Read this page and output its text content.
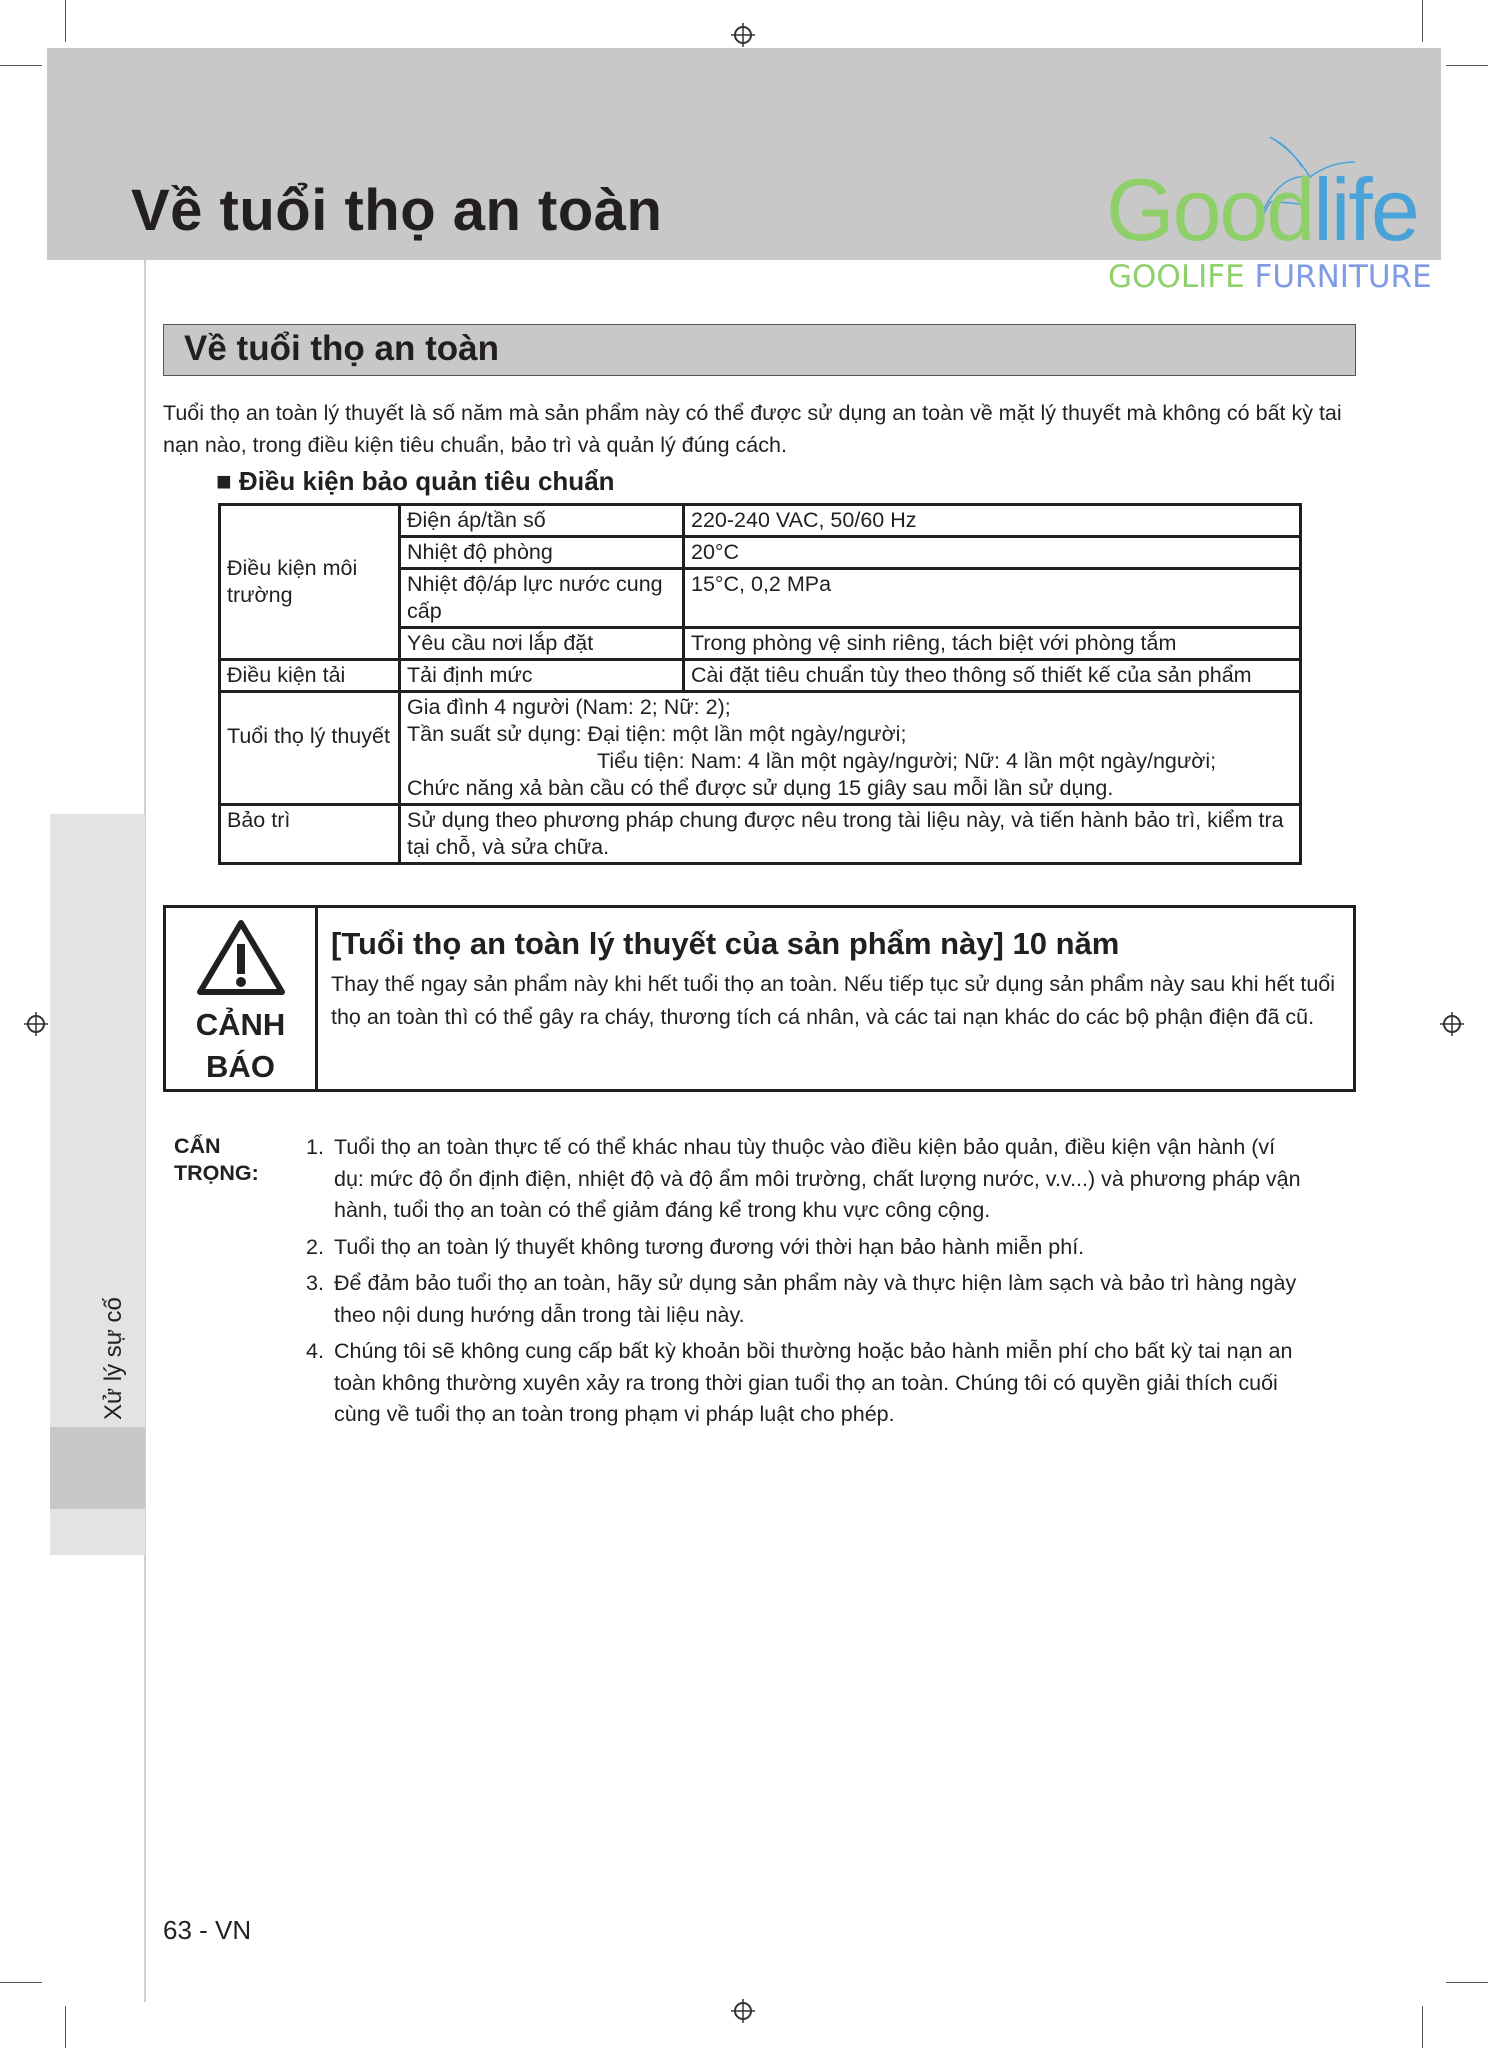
Về tuổi thọ an toàn	Goodlife
GOOLIFE FURNITURE
Xử lý sự cố
Về tuổi thọ an toàn
Tuổi thọ an toàn lý thuyết là số năm mà sản phẩm này có thể được sử dụng an toàn về mặt lý thuyết mà không có bất kỳ tai nạn nào, trong điều kiện tiêu chuẩn, bảo trì và quản lý đúng cách.
■ Điều kiện bảo quản tiêu chuẩn
Điều kiện môi trường	Điện áp/tần số	220-240 VAC, 50/60 Hz
	Nhiệt độ phòng	20°C
	Nhiệt độ/áp lực nước cung cấp	15°C, 0,2 MPa
	Yêu cầu nơi lắp đặt	Trong phòng vệ sinh riêng, tách biệt với phòng tắm
Điều kiện tải	Tải định mức	Cài đặt tiêu chuẩn tùy theo thông số thiết kế của sản phẩm
Tuổi thọ lý thuyết	Gia đình 4 người (Nam: 2; Nữ: 2);
Tần suất sử dụng: Đại tiện: một lần một ngày/người;
Tiểu tiện: Nam: 4 lần một ngày/người; Nữ: 4 lần một ngày/người;
Chức năng xả bàn cầu có thể được sử dụng 15 giây sau mỗi lần sử dụng.	

Bảo trì	Sử dụng theo phương pháp chung được nêu trong tài liệu này, và tiến hành bảo trì, kiểm tra tại chỗ, và sửa chữa.	
CẢNH
BÁO
[Tuổi thọ an toàn lý thuyết của sản phẩm này] 10 năm
Thay thế ngay sản phẩm này khi hết tuổi thọ an toàn. Nếu tiếp tục sử dụng sản phẩm này sau khi hết tuổi thọ an toàn thì có thể gây ra cháy, thương tích cá nhân, và các tai nạn khác do các bộ phận điện đã cũ.
CẨN
TRỌNG:
1. Tuổi thọ an toàn thực tế có thể khác nhau tùy thuộc vào điều kiện bảo quản, điều kiện vận hành (ví dụ: mức độ ổn định điện, nhiệt độ và độ ẩm môi trường, chất lượng nước, v.v...) và phương pháp vận hành, tuổi thọ an toàn có thể giảm đáng kể trong khu vực công cộng.
2. Tuổi thọ an toàn lý thuyết không tương đương với thời hạn bảo hành miễn phí.
3. Để đảm bảo tuổi thọ an toàn, hãy sử dụng sản phẩm này và thực hiện làm sạch và bảo trì hàng ngày theo nội dung hướng dẫn trong tài liệu này.
4. Chúng tôi sẽ không cung cấp bất kỳ khoản bồi thường hoặc bảo hành miễn phí cho bất kỳ tai nạn an toàn không thường xuyên xảy ra trong thời gian tuổi thọ an toàn. Chúng tôi có quyền giải thích cuối cùng về tuổi thọ an toàn trong phạm vi pháp luật cho phép.
63 - VN
